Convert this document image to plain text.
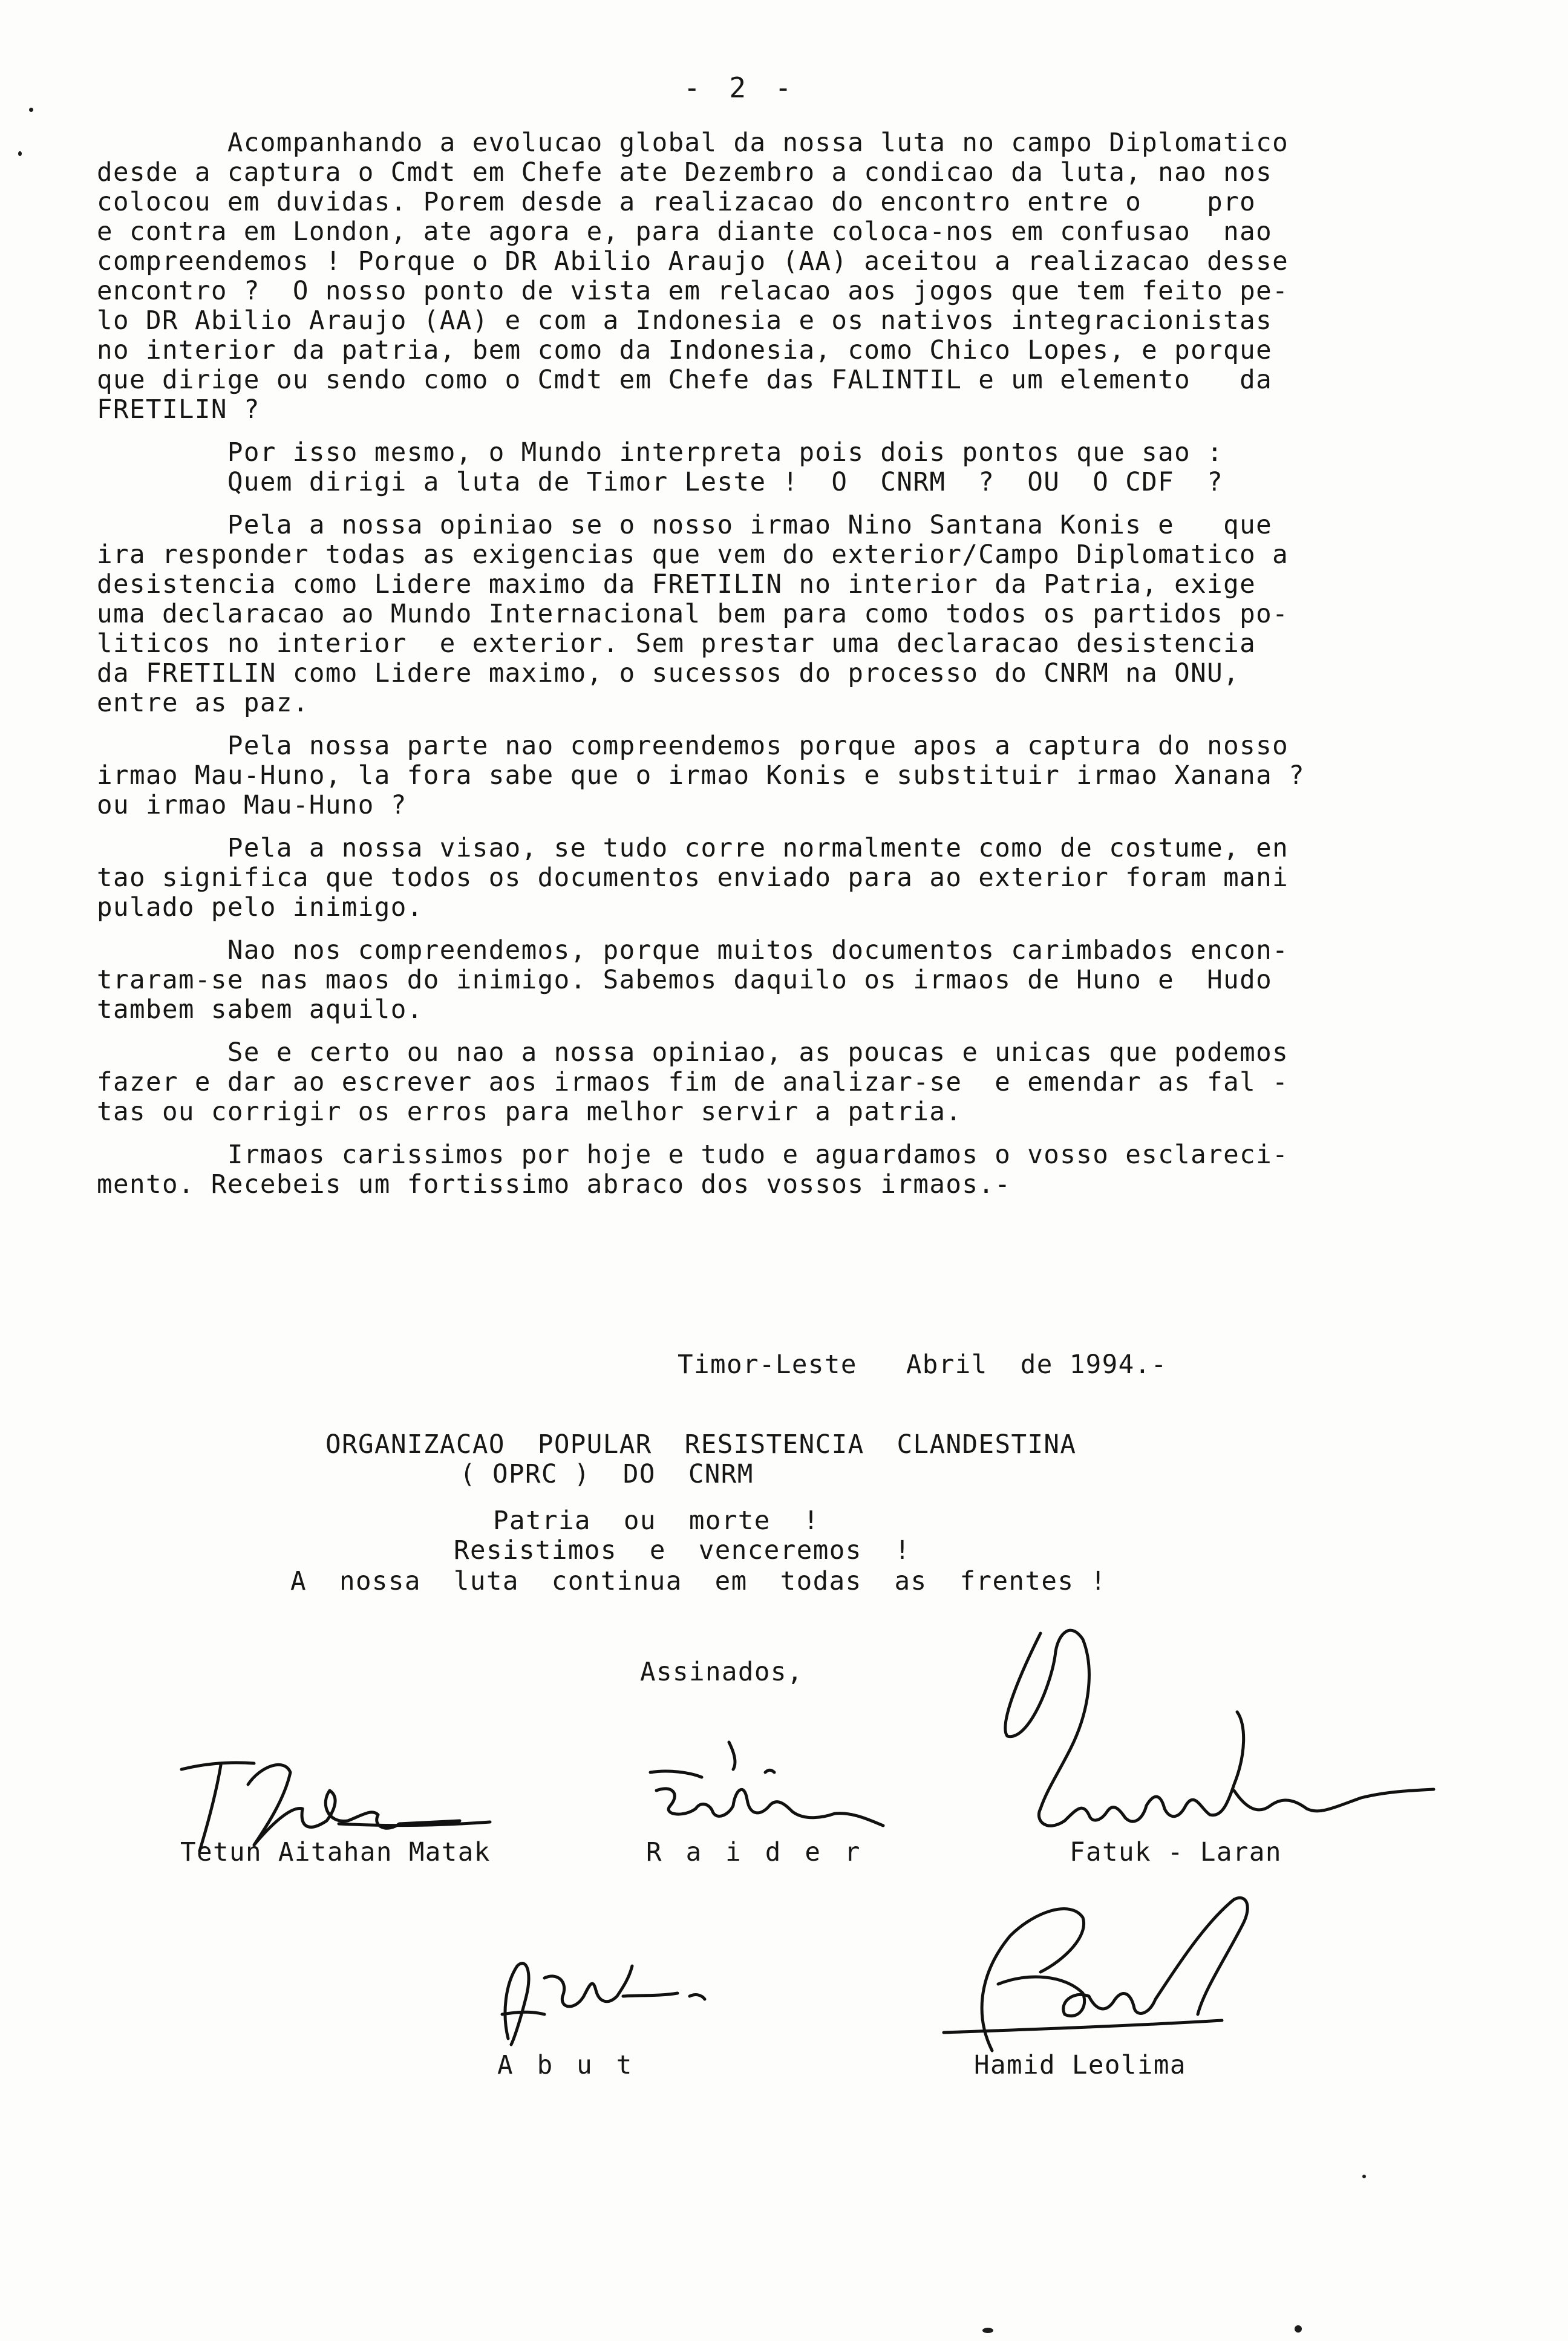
- 2 -
Acompanhando a evolucao global da nossa luta no campo Diplomatico
desde a captura o Cmdt em Chefe ate Dezembro a condicao da luta, nao nos
colocou em duvidas. Porem desde a realizacao do encontro entre o    pro
e contra em London, ate agora e, para diante coloca-nos em confusao  nao
compreendemos ! Porque o DR Abilio Araujo (AA) aceitou a realizacao desse
encontro ?  O nosso ponto de vista em relacao aos jogos que tem feito pe-
lo DR Abilio Araujo (AA) e com a Indonesia e os nativos integracionistas
no interior da patria, bem como da Indonesia, como Chico Lopes, e porque
que dirige ou sendo como o Cmdt em Chefe das FALINTIL e um elemento   da
FRETILIN ?
Por isso mesmo, o Mundo interpreta pois dois pontos que sao :
Quem dirigi a luta de Timor Leste !  O  CNRM  ?  OU  O CDF  ?
Pela a nossa opiniao se o nosso irmao Nino Santana Konis e   que
ira responder todas as exigencias que vem do exterior/Campo Diplomatico a
desistencia como Lidere maximo da FRETILIN no interior da Patria, exige
uma declaracao ao Mundo Internacional bem para como todos os partidos po-
liticos no interior  e exterior. Sem prestar uma declaracao desistencia
da FRETILIN como Lidere maximo, o sucessos do processo do CNRM na ONU,
entre as paz.
Pela nossa parte nao compreendemos porque apos a captura do nosso
irmao Mau-Huno, la fora sabe que o irmao Konis e substituir irmao Xanana ?
ou irmao Mau-Huno ?
Pela a nossa visao, se tudo corre normalmente como de costume, en
tao significa que todos os documentos enviado para ao exterior foram mani
pulado pelo inimigo.
Nao nos compreendemos, porque muitos documentos carimbados encon-
traram-se nas maos do inimigo. Sabemos daquilo os irmaos de Huno e  Hudo
tambem sabem aquilo.
Se e certo ou nao a nossa opiniao, as poucas e unicas que podemos
fazer e dar ao escrever aos irmaos fim de analizar-se  e emendar as fal -
tas ou corrigir os erros para melhor servir a patria.
Irmaos carissimos por hoje e tudo e aguardamos o vosso esclareci-
mento. Recebeis um fortissimo abraco dos vossos irmaos.-
Timor-Leste   Abril  de 1994.-
ORGANIZACAO  POPULAR  RESISTENCIA  CLANDESTINA
( OPRC )  DO  CNRM
Patria  ou  morte  !
Resistimos  e  venceremos  !
A  nossa  luta  continua  em  todas  as  frentes !
Assinados,
Tetun Aitahan Matak	Raider	Fatuk - Laran
Abut	Hamid Leolima
